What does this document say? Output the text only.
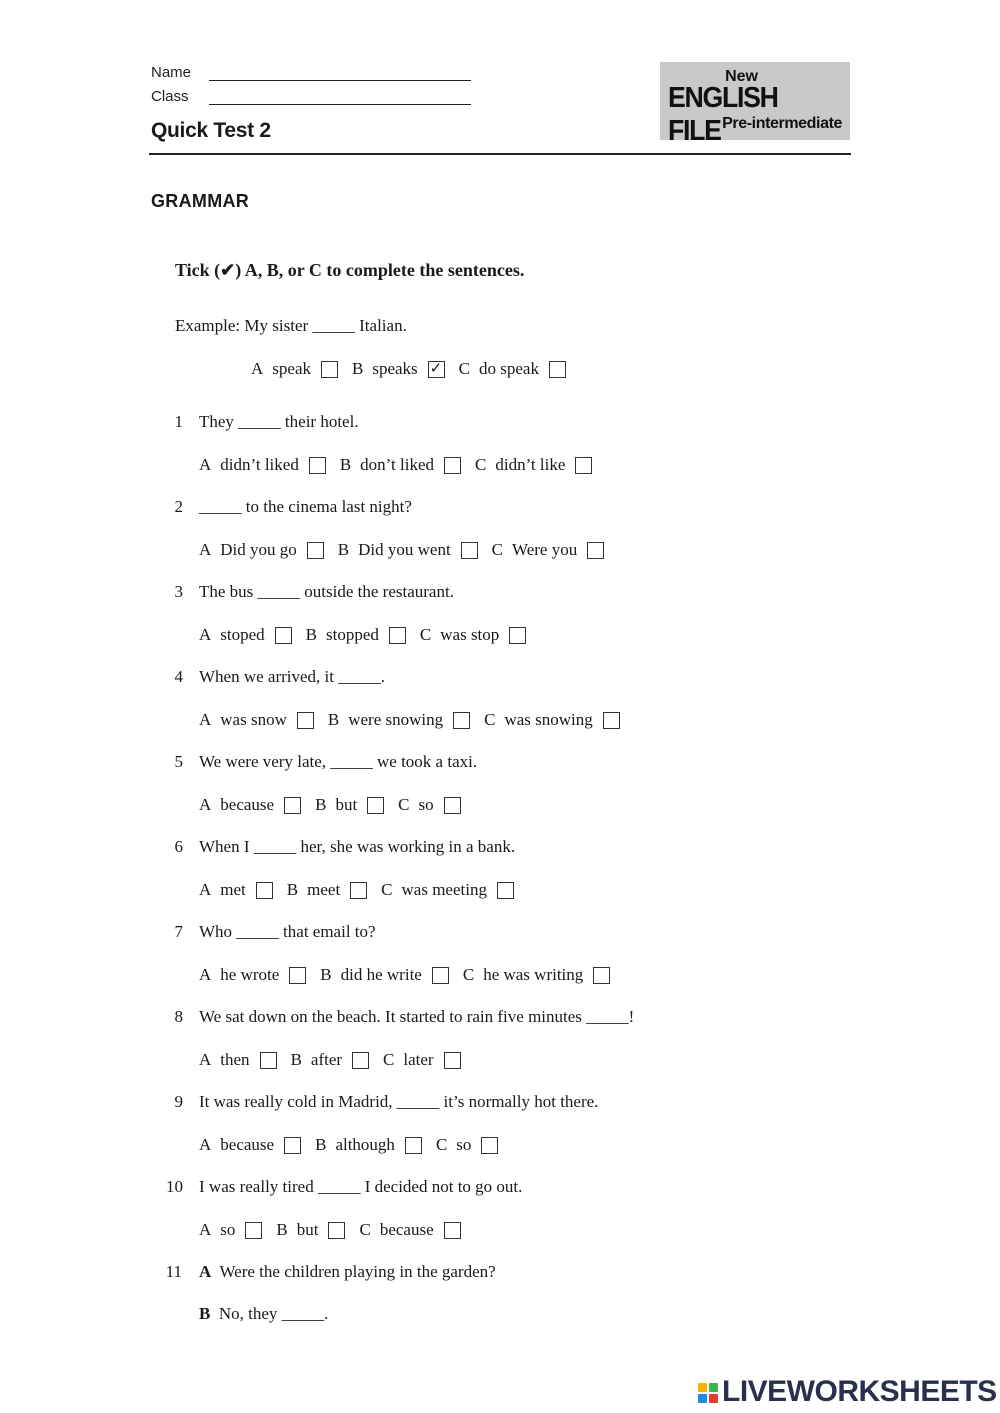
Name
Class
Quick Test 2
New
ENGLISH FILE Pre-intermediate
GRAMMAR
Tick (✔) A, B, or C to complete the sentences.
Example: My sister _____ Italian.
A speak B speaks
✓ C do speak
1 They _____ their hotel.
A didn’t liked B don’t liked C didn’t like
2 _____ to the cinema last night?
A Did you go B Did you went C Were you
3 The bus _____ outside the restaurant.
A stoped B stopped C was stop
4 When we arrived, it _____.
A was snow B were snowing C was snowing
5 We were very late, _____ we took a taxi.
A because B but C so
6 When I _____ her, she was working in a bank.
A met B meet C was meeting
7 Who _____ that email to?
A he wrote B did he write C he was writing
8 We sat down on the beach. It started to rain five minutes _____!
A then B after C later
9 It was really cold in Madrid, _____ it’s normally hot there.
A because B although C so
10 I was really tired _____ I decided not to go out.
A so B but C because
11 A Were the children playing in the garden?
B No, they _____.
LIVEWORKSHEETS
